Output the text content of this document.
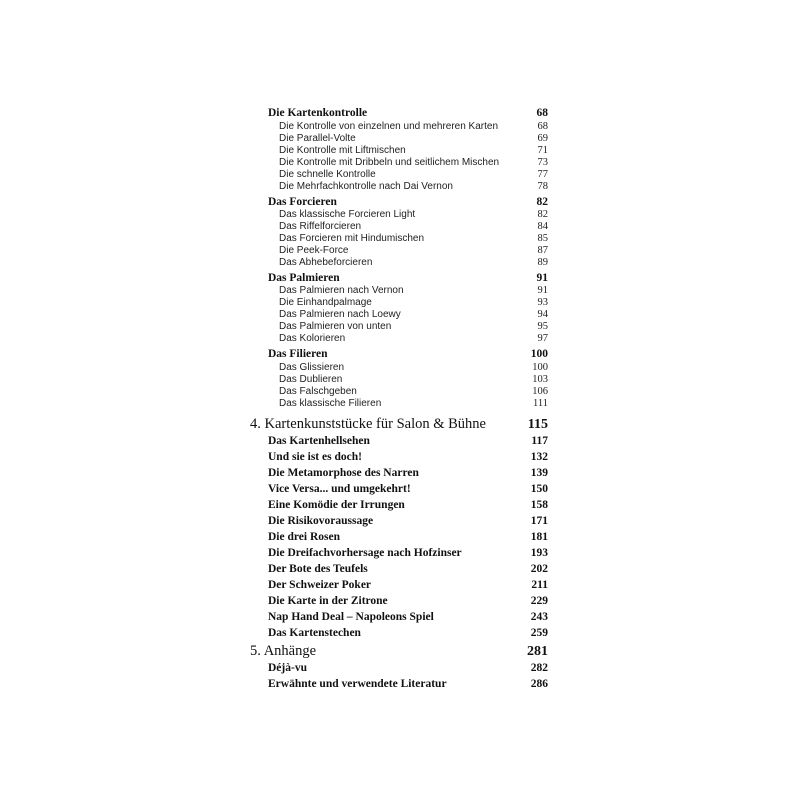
Die Kartenkontrolle	68
Die Kontrolle von einzelnen und mehreren Karten	68
Die Parallel-Volte	69
Die Kontrolle mit Liftmischen	71
Die Kontrolle mit Dribbeln und seitlichem Mischen	73
Die schnelle Kontrolle	77
Die Mehrfachkontrolle nach Dai Vernon	78
Das Forcieren	82
Das klassische Forcieren Light	82
Das Riffelforcieren	84
Das Forcieren mit Hindumischen	85
Die Peek-Force	87
Das Abhebeforcieren	89
Das Palmieren	91
Das Palmieren nach Vernon	91
Die Einhandpalmage	93
Das Palmieren nach Loewy	94
Das Palmieren von unten	95
Das Kolorieren	97
Das Filieren	100
Das Glissieren	100
Das Dublieren	103
Das Falschgeben	106
Das klassische Filieren	111
4. Kartenkunststücke für Salon & Bühne	115
Das Kartenhellsehen	117
Und sie ist es doch!	132
Die Metamorphose des Narren	139
Vice Versa... und umgekehrt!	150
Eine Komödie der Irrungen	158
Die Risikovoraussage	171
Die drei Rosen	181
Die Dreifachvorhersage nach Hofzinser	193
Der Bote des Teufels	202
Der Schweizer Poker	211
Die Karte in der Zitrone	229
Nap Hand Deal – Napoleons Spiel	243
Das Kartenstechen	259
5. Anhänge	281
Déjà-vu	282
Erwähnte und verwendete Literatur	286
